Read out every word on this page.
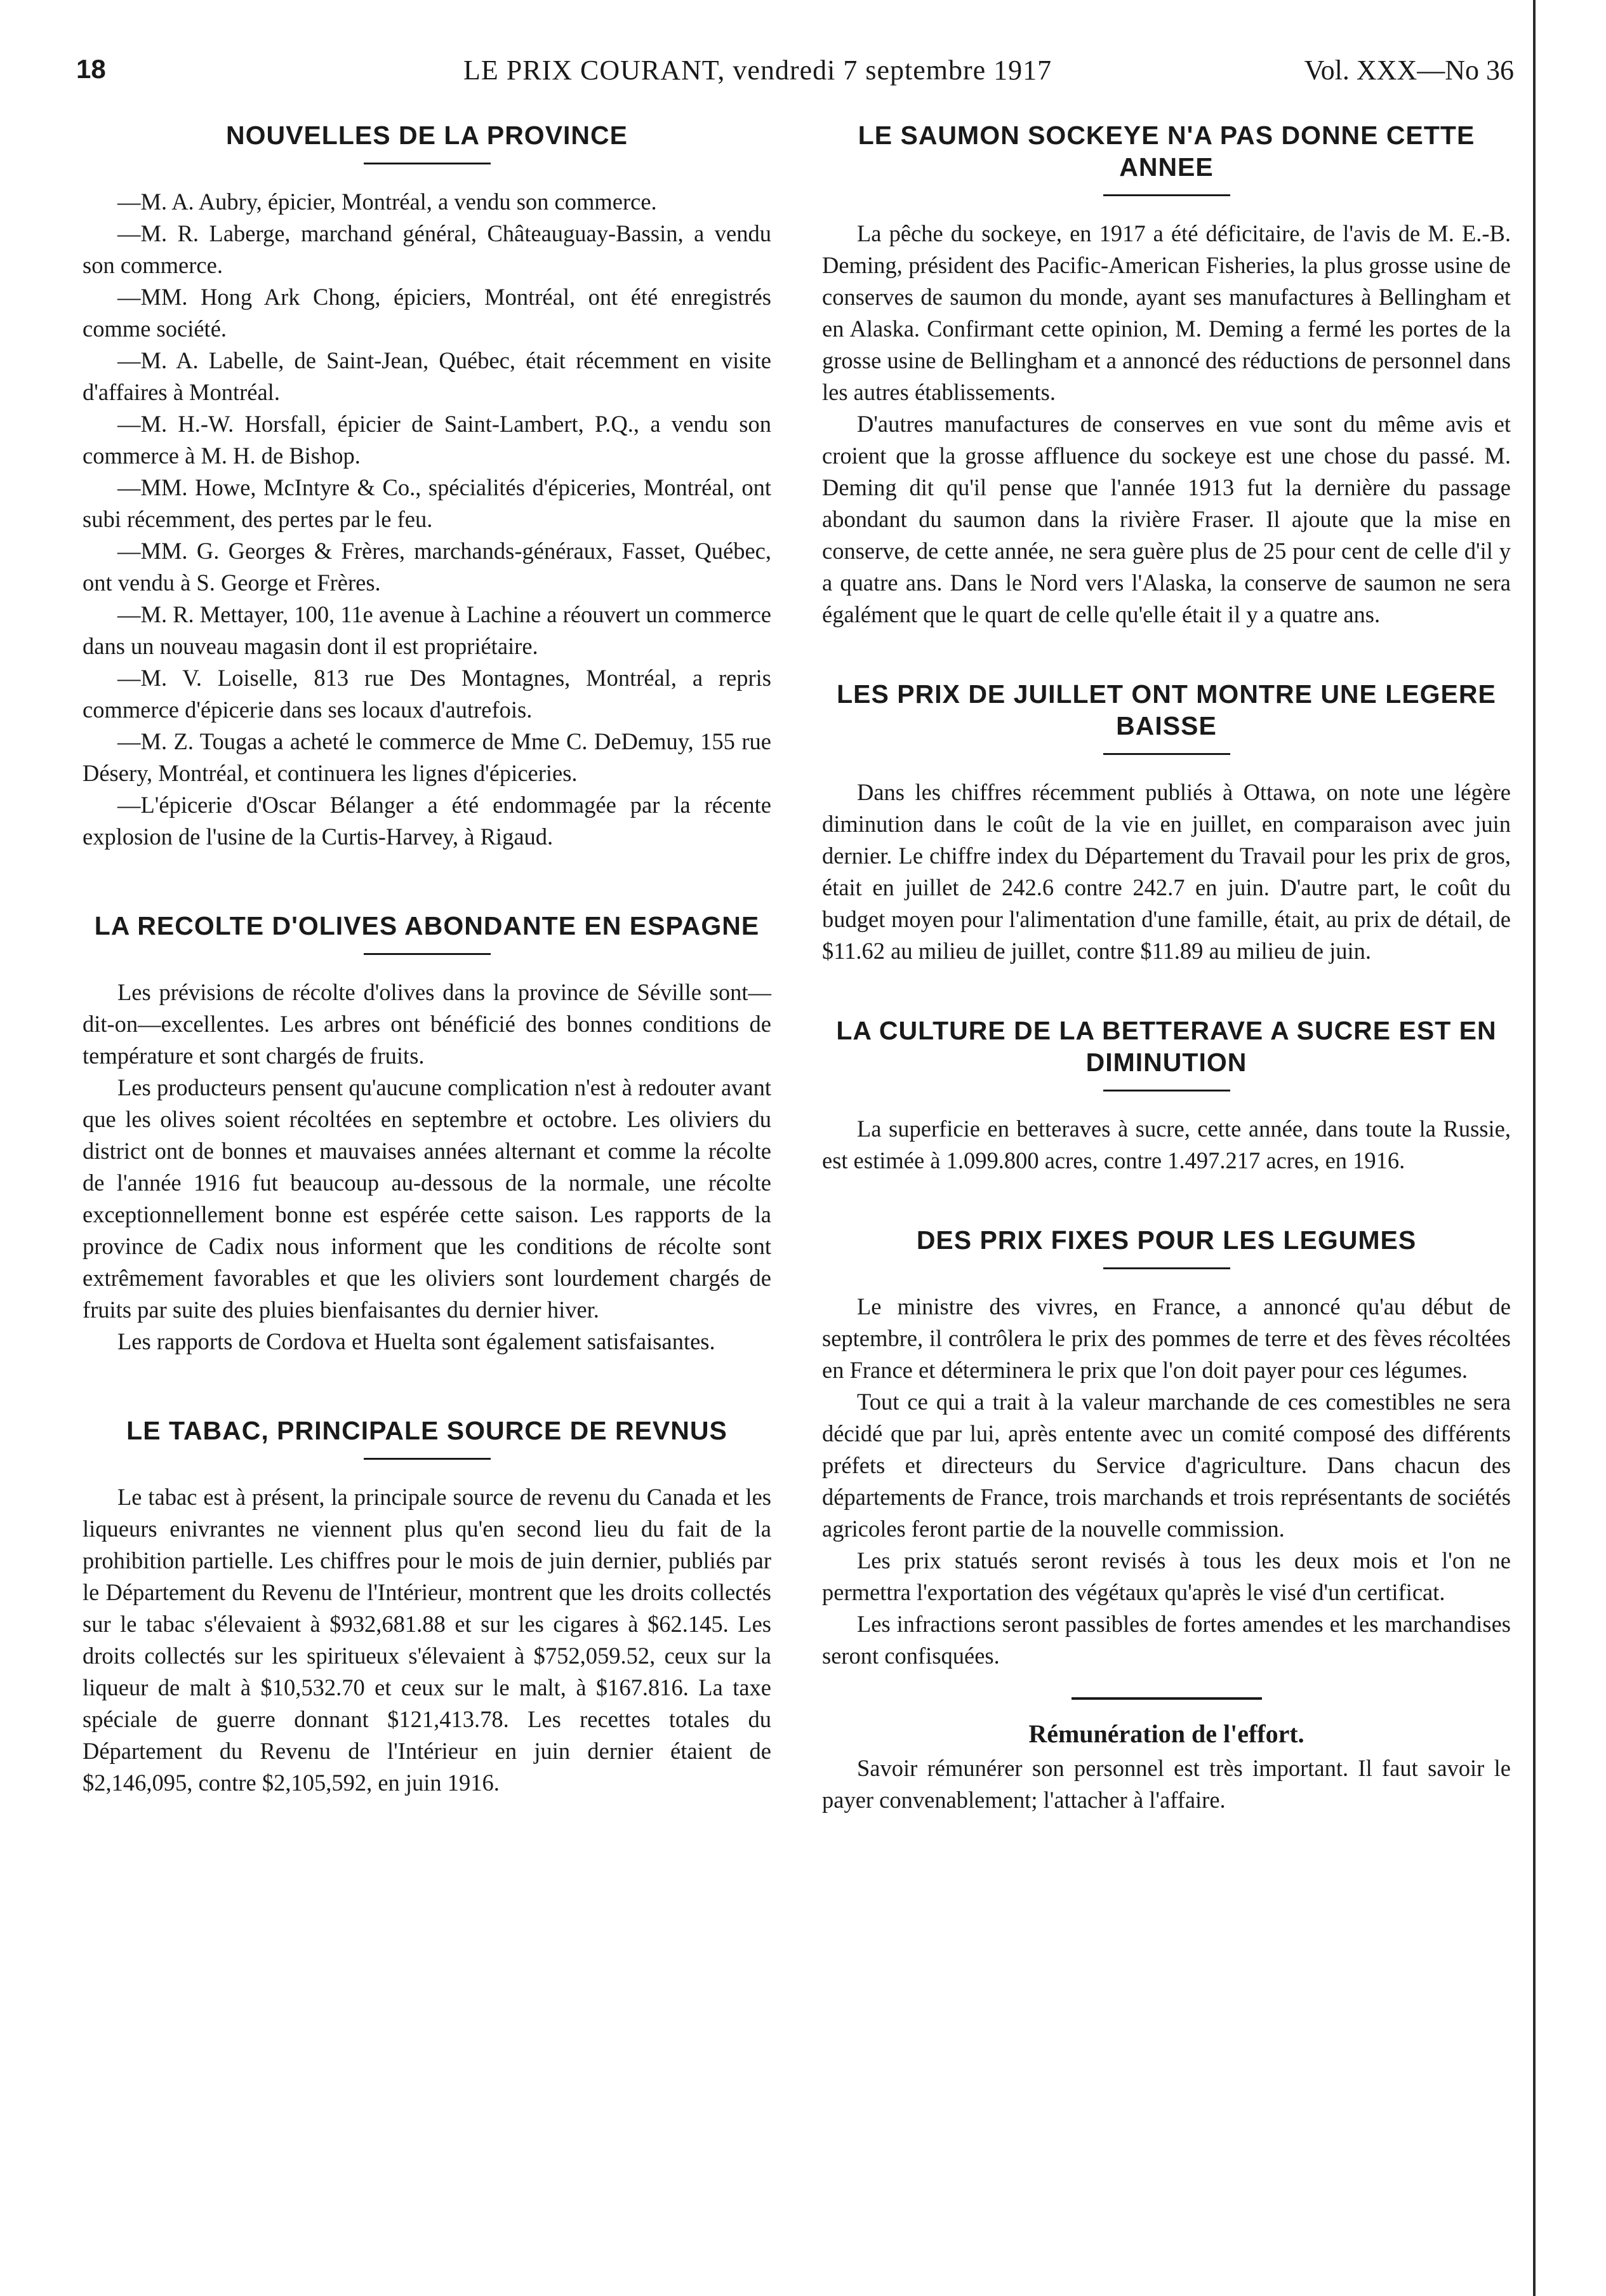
18	LE PRIX COURANT, vendredi 7 septembre 1917	Vol. XXX—No 36
NOUVELLES DE LA PROVINCE

—M. A. Aubry, épicier, Montréal, a vendu son commerce.

—M. R. Laberge, marchand général, Châteauguay-Bassin, a vendu son commerce.

—MM. Hong Ark Chong, épiciers, Montréal, ont été enregistrés comme société.

—M. A. Labelle, de Saint-Jean, Québec, était récemment en visite d'affaires à Montréal.

—M. H.-W. Horsfall, épicier de Saint-Lambert, P.Q., a vendu son commerce à M. H. de Bishop.

—MM. Howe, McIntyre & Co., spécialités d'épiceries, Montréal, ont subi récemment, des pertes par le feu.

—MM. G. Georges & Frères, marchands-généraux, Fasset, Québec, ont vendu à S. George et Frères.

—M. R. Mettayer, 100, 11e avenue à Lachine a réouvert un commerce dans un nouveau magasin dont il est propriétaire.

—M. V. Loiselle, 813 rue Des Montagnes, Montréal, a repris commerce d'épicerie dans ses locaux d'autrefois.

—M. Z. Tougas a acheté le commerce de Mme C. DeDemuy, 155 rue Désery, Montréal, et continuera les lignes d'épiceries.

—L'épicerie d'Oscar Bélanger a été endommagée par la récente explosion de l'usine de la Curtis-Harvey, à Rigaud.

LA RECOLTE D'OLIVES ABONDANTE EN ESPAGNE

Les prévisions de récolte d'olives dans la province de Séville sont—dit-on—excellentes. Les arbres ont bénéficié des bonnes conditions de température et sont chargés de fruits.

Les producteurs pensent qu'aucune complication n'est à redouter avant que les olives soient récoltées en septembre et octobre. Les oliviers du district ont de bonnes et mauvaises années alternant et comme la récolte de l'année 1916 fut beaucoup au-dessous de la normale, une récolte exceptionnellement bonne est espérée cette saison. Les rapports de la province de Cadix nous informent que les conditions de récolte sont extrêmement favorables et que les oliviers sont lourdement chargés de fruits par suite des pluies bienfaisantes du dernier hiver.

Les rapports de Cordova et Huelta sont également satisfaisantes.

LE TABAC, PRINCIPALE SOURCE DE REVNUS

Le tabac est à présent, la principale source de revenu du Canada et les liqueurs enivrantes ne viennent plus qu'en second lieu du fait de la prohibition partielle. Les chiffres pour le mois de juin dernier, publiés par le Département du Revenu de l'Intérieur, montrent que les droits collectés sur le tabac s'élevaient à $932,681.88 et sur les cigares à $62.145. Les droits collectés sur les spiritueux s'élevaient à $752,059.52, ceux sur la liqueur de malt à $10,532.70 et ceux sur le malt, à $167.816. La taxe spéciale de guerre donnant $121,413.78. Les recettes totales du Département du Revenu de l'Intérieur en juin dernier étaient de $2,146,095, contre $2,105,592, en juin 1916.

LE SAUMON SOCKEYE N'A PAS DONNE CETTE ANNEE

La pêche du sockeye, en 1917 a été déficitaire, de l'avis de M. E.-B. Deming, président des Pacific-American Fisheries, la plus grosse usine de conserves de saumon du monde, ayant ses manufactures à Bellingham et en Alaska. Confirmant cette opinion, M. Deming a fermé les portes de la grosse usine de Bellingham et a annoncé des réductions de personnel dans les autres établissements.

D'autres manufactures de conserves en vue sont du même avis et croient que la grosse affluence du sockeye est une chose du passé. M. Deming dit qu'il pense que l'année 1913 fut la dernière du passage abondant du saumon dans la rivière Fraser. Il ajoute que la mise en conserve, de cette année, ne sera guère plus de 25 pour cent de celle d'il y a quatre ans. Dans le Nord vers l'Alaska, la conserve de saumon ne sera égalément que le quart de celle qu'elle était il y a quatre ans.

LES PRIX DE JUILLET ONT MONTRE UNE LEGERE BAISSE

Dans les chiffres récemment publiés à Ottawa, on note une légère diminution dans le coût de la vie en juillet, en comparaison avec juin dernier. Le chiffre index du Département du Travail pour les prix de gros, était en juillet de 242.6 contre 242.7 en juin. D'autre part, le coût du budget moyen pour l'alimentation d'une famille, était, au prix de détail, de $11.62 au milieu de juillet, contre $11.89 au milieu de juin.

LA CULTURE DE LA BETTERAVE A SUCRE EST EN DIMINUTION

La superficie en betteraves à sucre, cette année, dans toute la Russie, est estimée à 1.099.800 acres, contre 1.497.217 acres, en 1916.

DES PRIX FIXES POUR LES LEGUMES

Le ministre des vivres, en France, a annoncé qu'au début de septembre, il contrôlera le prix des pommes de terre et des fèves récoltées en France et déterminera le prix que l'on doit payer pour ces légumes.

Tout ce qui a trait à la valeur marchande de ces comestibles ne sera décidé que par lui, après entente avec un comité composé des différents préfets et directeurs du Service d'agriculture. Dans chacun des départements de France, trois marchands et trois représentants de sociétés agricoles feront partie de la nouvelle commission.

Les prix statués seront revisés à tous les deux mois et l'on ne permettra l'exportation des végétaux qu'après le visé d'un certificat.

Les infractions seront passibles de fortes amendes et les marchandises seront confisquées.

Rémunération de l'effort.

Savoir rémunérer son personnel est très important. Il faut savoir le payer convenablement; l'attacher à l'affaire.
